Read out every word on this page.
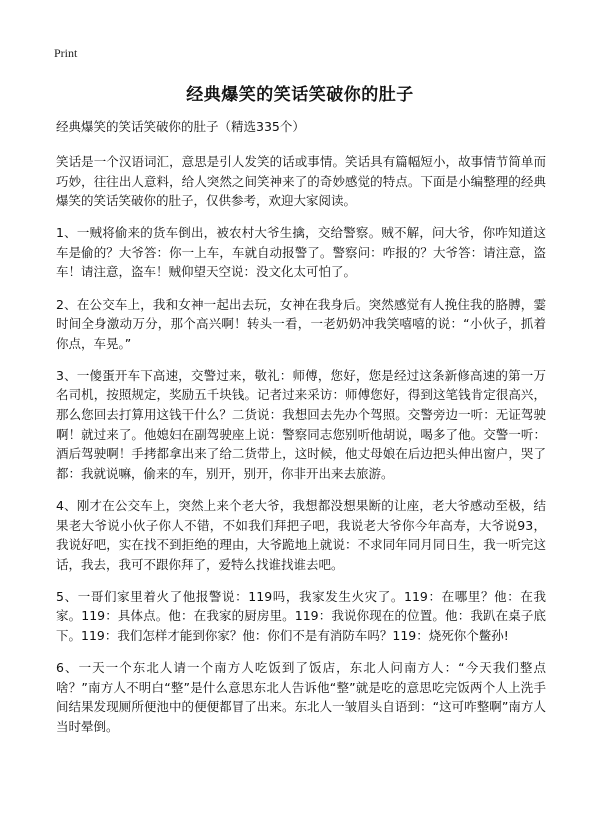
Print
经典爆笑的笑话笑破你的肚子
经典爆笑的笑话笑破你的肚子（精选335个）

笑话是一个汉语词汇，意思是引人发笑的话或事情。笑话具有篇幅短小，故事情节简单而巧妙，往往出人意料，给人突然之间笑神来了的奇妙感觉的特点。下面是小编整理的经典爆笑的笑话笑破你的肚子，仅供参考，欢迎大家阅读。

1、一贼将偷来的货车倒出，被农村大爷生擒，交给警察。贼不解，问大爷，你咋知道这车是偷的？大爷答：你一上车，车就自动报警了。警察问：咋报的？大爷答：请注意，盗车！请注意，盗车！贼仰望天空说：没文化太可怕了。

2、在公交车上，我和女神一起出去玩，女神在我身后。突然感觉有人挽住我的胳膊，霎时间全身激动万分，那个高兴啊！转头一看，一老奶奶冲我笑嘻嘻的说：“小伙子，抓着你点，车晃。”

3、一傻蛋开车下高速，交警过来，敬礼：师傅，您好，您是经过这条新修高速的第一万名司机，按照规定，奖励五千块钱。记者过来采访：师傅您好，得到这笔钱肯定很高兴，那么您回去打算用这钱干什么？二货说：我想回去先办个驾照。交警旁边一听：无证驾驶啊！就过来了。他媳妇在副驾驶座上说：警察同志您别听他胡说，喝多了他。交警一听：酒后驾驶啊！手拷都拿出来了给二货带上，这时候，他丈母娘在后边把头伸出窗户，哭了都：我就说嘛，偷来的车，别开，别开，你非开出来去旅游。

4、刚才在公交车上，突然上来个老大爷，我想都没想果断的让座，老大爷感动至极，结果老大爷说小伙子你人不错，不如我们拜把子吧，我说老大爷你今年高寿，大爷说93，我说好吧，实在找不到拒绝的理由，大爷跪地上就说：不求同年同月同日生，我一听完这话，我去，我可不跟你拜了，爱特么找谁找谁去吧。

5、一哥们家里着火了他报警说：119吗，我家发生火灾了。119：在哪里？他：在我家。119：具体点。他：在我家的厨房里。119：我说你现在的位置。他：我趴在桌子底下。119：我们怎样才能到你家？他：你们不是有消防车吗？119：烧死你个鳖孙!

6、一天一个东北人请一个南方人吃饭到了饭店，东北人问南方人：“今天我们整点啥？”南方人不明白“整”是什么意思东北人告诉他“整”就是吃的意思吃完饭两个人上洗手间结果发现厕所便池中的便便都冒了出来。东北人一皱眉头自语到：“这可咋整啊”南方人当时晕倒。
